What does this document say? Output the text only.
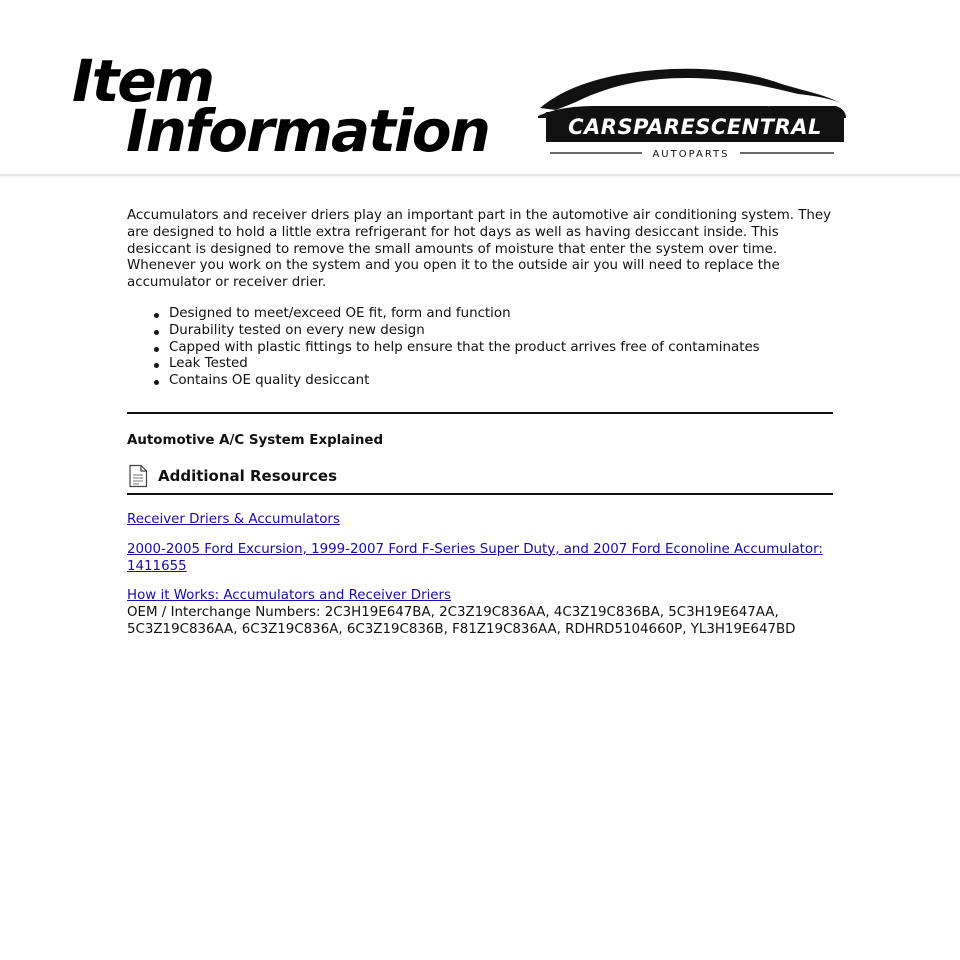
Item
Information	CARSPARESCENTRAL
AUTOPARTS

Accumulators and receiver driers play an important part in the automotive air conditioning system. They are designed to hold a little extra refrigerant for hot days as well as having desiccant inside. This desiccant is designed to remove the small amounts of moisture that enter the system over time. Whenever you work on the system and you open it to the outside air you will need to replace the accumulator or receiver drier.

Designed to meet/exceed OE fit, form and function
Durability tested on every new design
Capped with plastic fittings to help ensure that the product arrives free of contaminates
Leak Tested
Contains OE quality desiccant
Automotive A/C System Explained
Additional Resources
Receiver Driers & Accumulators
2000-2005 Ford Excursion, 1999-2007 Ford F-Series Super Duty, and 2007 Ford Econoline Accumulator: 1411655
How it Works: Accumulators and Receiver Driers

OEM / Interchange Numbers: 2C3H19E647BA, 2C3Z19C836AA, 4C3Z19C836BA, 5C3H19E647AA, 5C3Z19C836AA, 6C3Z19C836A, 6C3Z19C836B, F81Z19C836AA, RDHRD5104660P, YL3H19E647BD
